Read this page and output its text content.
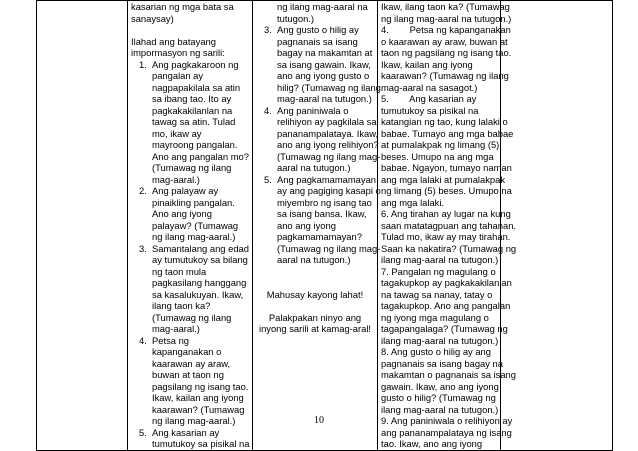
kasarian ng mga bata sa
sanaysay)
Ilahad ang batayang
impormasyon ng sarili:
1. Ang pagkakaroon ng
pangalan ay
nagpapakilala sa atin
sa ibang tao. Ito ay
pagkakakilanlan na
tawag sa atin. Tulad
mo, ikaw ay
mayroong pangalan.
Ano ang pangalan mo?
(Tumawag ng ilang
mag-aaral.)
2. Ang palayaw ay
pinaikling pangalan.
Ano ang iyong
palayaw? (Tumawag
ng ilang mag-aaral.)
3. Samantalang ang edad
ay tumutukoy sa bilang
ng taon mula
pagkasilang hanggang
sa kasalukuyan. Ikaw,
ilang taon ka?
(Tumawag ng ilang
mag-aaral.)
4. Petsa ng
kapanganakan o
kaarawan ay araw,
buwan at taon ng
pagsilang ng isang tao.
Ikaw, kailan ang iyong
kaarawan? (Tumawag
ng ilang mag-aaral.)
5. Ang kasarian ay
tumutukoy sa pisikal na

ng ilang mag-aaral na
tutugon.)
3. Ang gusto o hilig ay
pagnanais sa isang
bagay na makamtan at
sa isang gawain. Ikaw,
ano ang iyong gusto o
hilig? (Tumawag ng ilang
mag-aaral na tutugon.)
4. Ang paniniwala o
relihiyon ay pagkilala sa
pananampalataya. Ikaw,
ano ang iyong relihiyon?
(Tumawag ng ilang mag-
aaral na tutugon.)
5. Ang pagkamamamayan
ay ang pagiging kasapi o
miyembro ng isang tao
sa isang bansa. Ikaw,
ano ang iyong
pagkamamamayan?
(Tumawag ng ilang mag-
aaral na tutugon.)
Mahusay kayong lahat!
Palakpakan ninyo ang
inyong sarili at kamag-aral!

Ikaw, ilang taon ka? (Tumawag
ng ilang mag-aaral na tutugon.)
4.        Petsa ng kapanganakan
o kaarawan ay araw, buwan at
taon ng pagsilang ng isang tao.
Ikaw, kailan ang iyong
kaarawan? (Tumawag ng ilang
mag-aaral na sasagot.)
5.        Ang kasarian ay
tumutukoy sa pisikal na
katangian ng tao, kung lalaki o
babae. Tumayo ang mga babae
at pumalakpak ng limang (5)
beses. Umupo na ang mga
babae. Ngayon, tumayo naman
ang mga lalaki at pumalakpak
ng limang (5) beses. Umupo na
ang mga lalaki.
6. Ang tirahan ay lugar na kung
saan matatagpuan ang tahanan.
Tulad mo, ikaw ay may tirahan.
Saan ka nakatira? (Tumawag ng
ilang mag-aaral na tutugon.)
7. Pangalan ng magulang o
tagakupkop ay pagkakakilanlan
na tawag sa nanay, tatay o
tagakupkop. Ano ang pangalan
ng iyong mga magulang o
tagapangalaga? (Tumawag ng
ilang mag-aaral na tutugon.)
8. Ang gusto o hilig ay ang
pagnanais sa isang bagay na
makamtan o pagnanais sa isang
gawain. Ikaw, ano ang iyong
gusto o hilig? (Tumawag ng
ilang mag-aaral na tutugon.)
9. Ang paniniwala o relihiyon ay
ang pananampalataya ng isang
tao. Ikaw, ano ang iyong

10
